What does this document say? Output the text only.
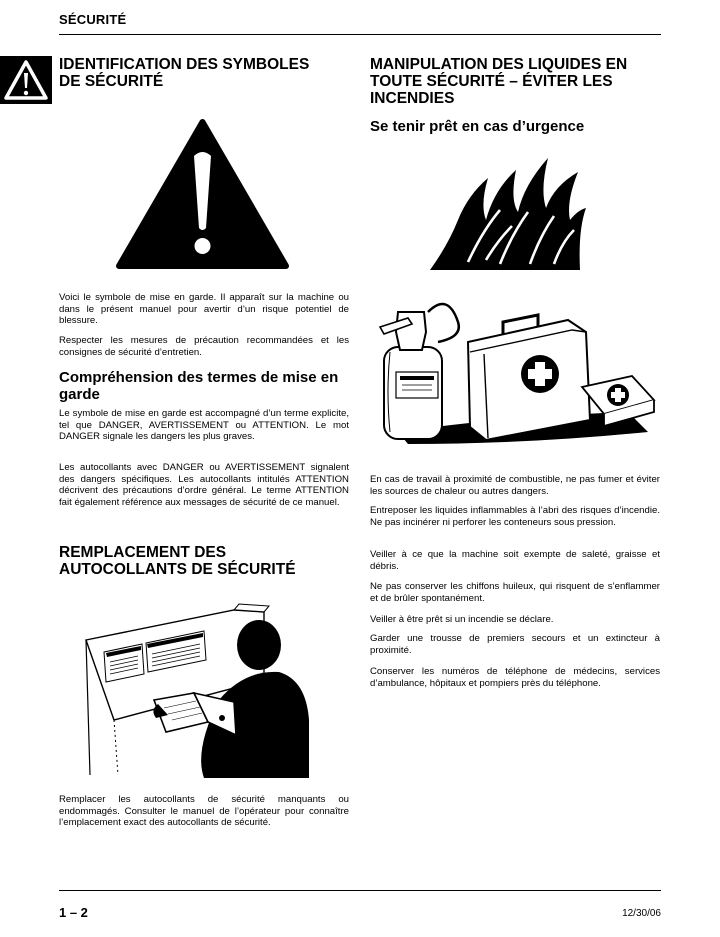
SÉCURITÉ
IDENTIFICATION DES SYMBOLES DE SÉCURITÉ

Voici le symbole de mise en garde. Il apparaît sur la machine ou dans le présent manuel pour avertir d’un risque potentiel de blessure.

Respecter les mesures de précaution recommandées et les consignes de sécurité d’entretien.

Compréhension des termes de mise en garde

Le symbole de mise en garde est accompagné d’un terme explicite, tel que DANGER, AVERTISSEMENT ou ATTENTION. Le mot DANGER signale les dangers les plus graves.

Les autocollants avec DANGER ou AVERTISSEMENT signalent des dangers spécifiques. Les autocollants intitulés ATTENTION décrivent des précautions d’ordre général. Le terme ATTENTION fait également référence aux messages de sécurité de ce manuel.

REMPLACEMENT DES AUTOCOLLANTS DE SÉCURITÉ

Remplacer les autocollants de sécurité manquants ou endommagés. Consulter le manuel de l’opérateur pour connaître l’emplacement exact des autocollants de sécurité.

MANIPULATION DES LIQUIDES EN TOUTE SÉCURITÉ – ÉVITER LES INCENDIES
Se tenir prêt en cas d’urgence

En cas de travail à proximité de combustible, ne pas fumer et éviter les sources de chaleur ou autres dangers.

Entreposer les liquides inflammables à l’abri des risques d’incendie. Ne pas incinérer ni perforer les conteneurs sous pression.

Veiller à ce que la machine soit exempte de saleté, graisse et débris.

Ne pas conserver les chiffons huileux, qui risquent de s’enflammer et de brûler spontanément.

Veiller à être prêt si un incendie se déclare.

Garder une trousse de premiers secours et un extincteur à proximité.

Conserver les numéros de téléphone de médecins, services d’ambulance, hôpitaux et pompiers près du téléphone.

1 – 2	12/30/06
